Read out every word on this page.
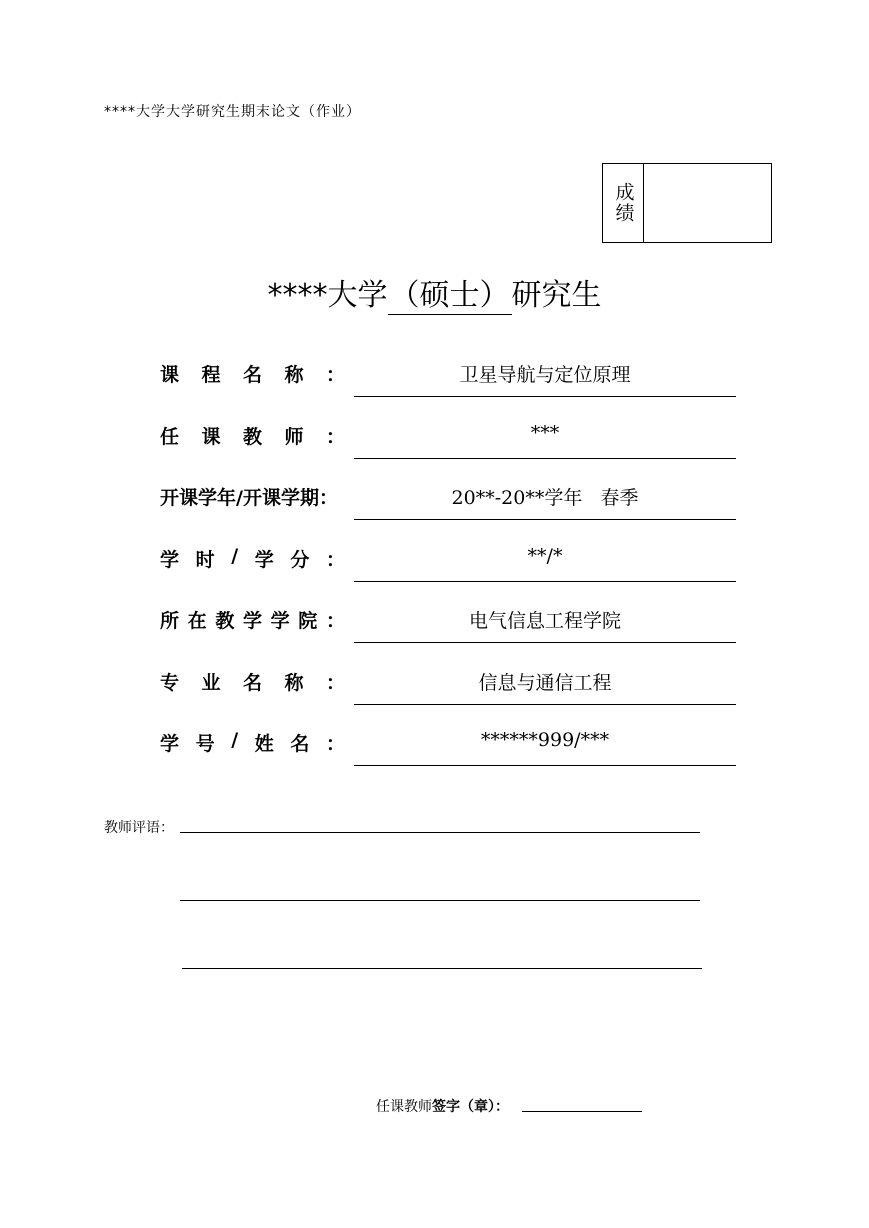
****大学大学研究生期末论文（作业）
成绩
****大学（硕士）研究生
课 程 名 称 ：	卫星导航与定位原理
任 课 教 师 ：	***
开课学年/开课学期：	20**-20**学年   春季
学 时 / 学 分 ：	**/*
所 在 教 学 学 院 ：	电气信息工程学院
专 业 名 称 ：	信息与通信工程
学 号 / 姓 名 ：	******999/***
教师评语：
任课教师签字（章）：
